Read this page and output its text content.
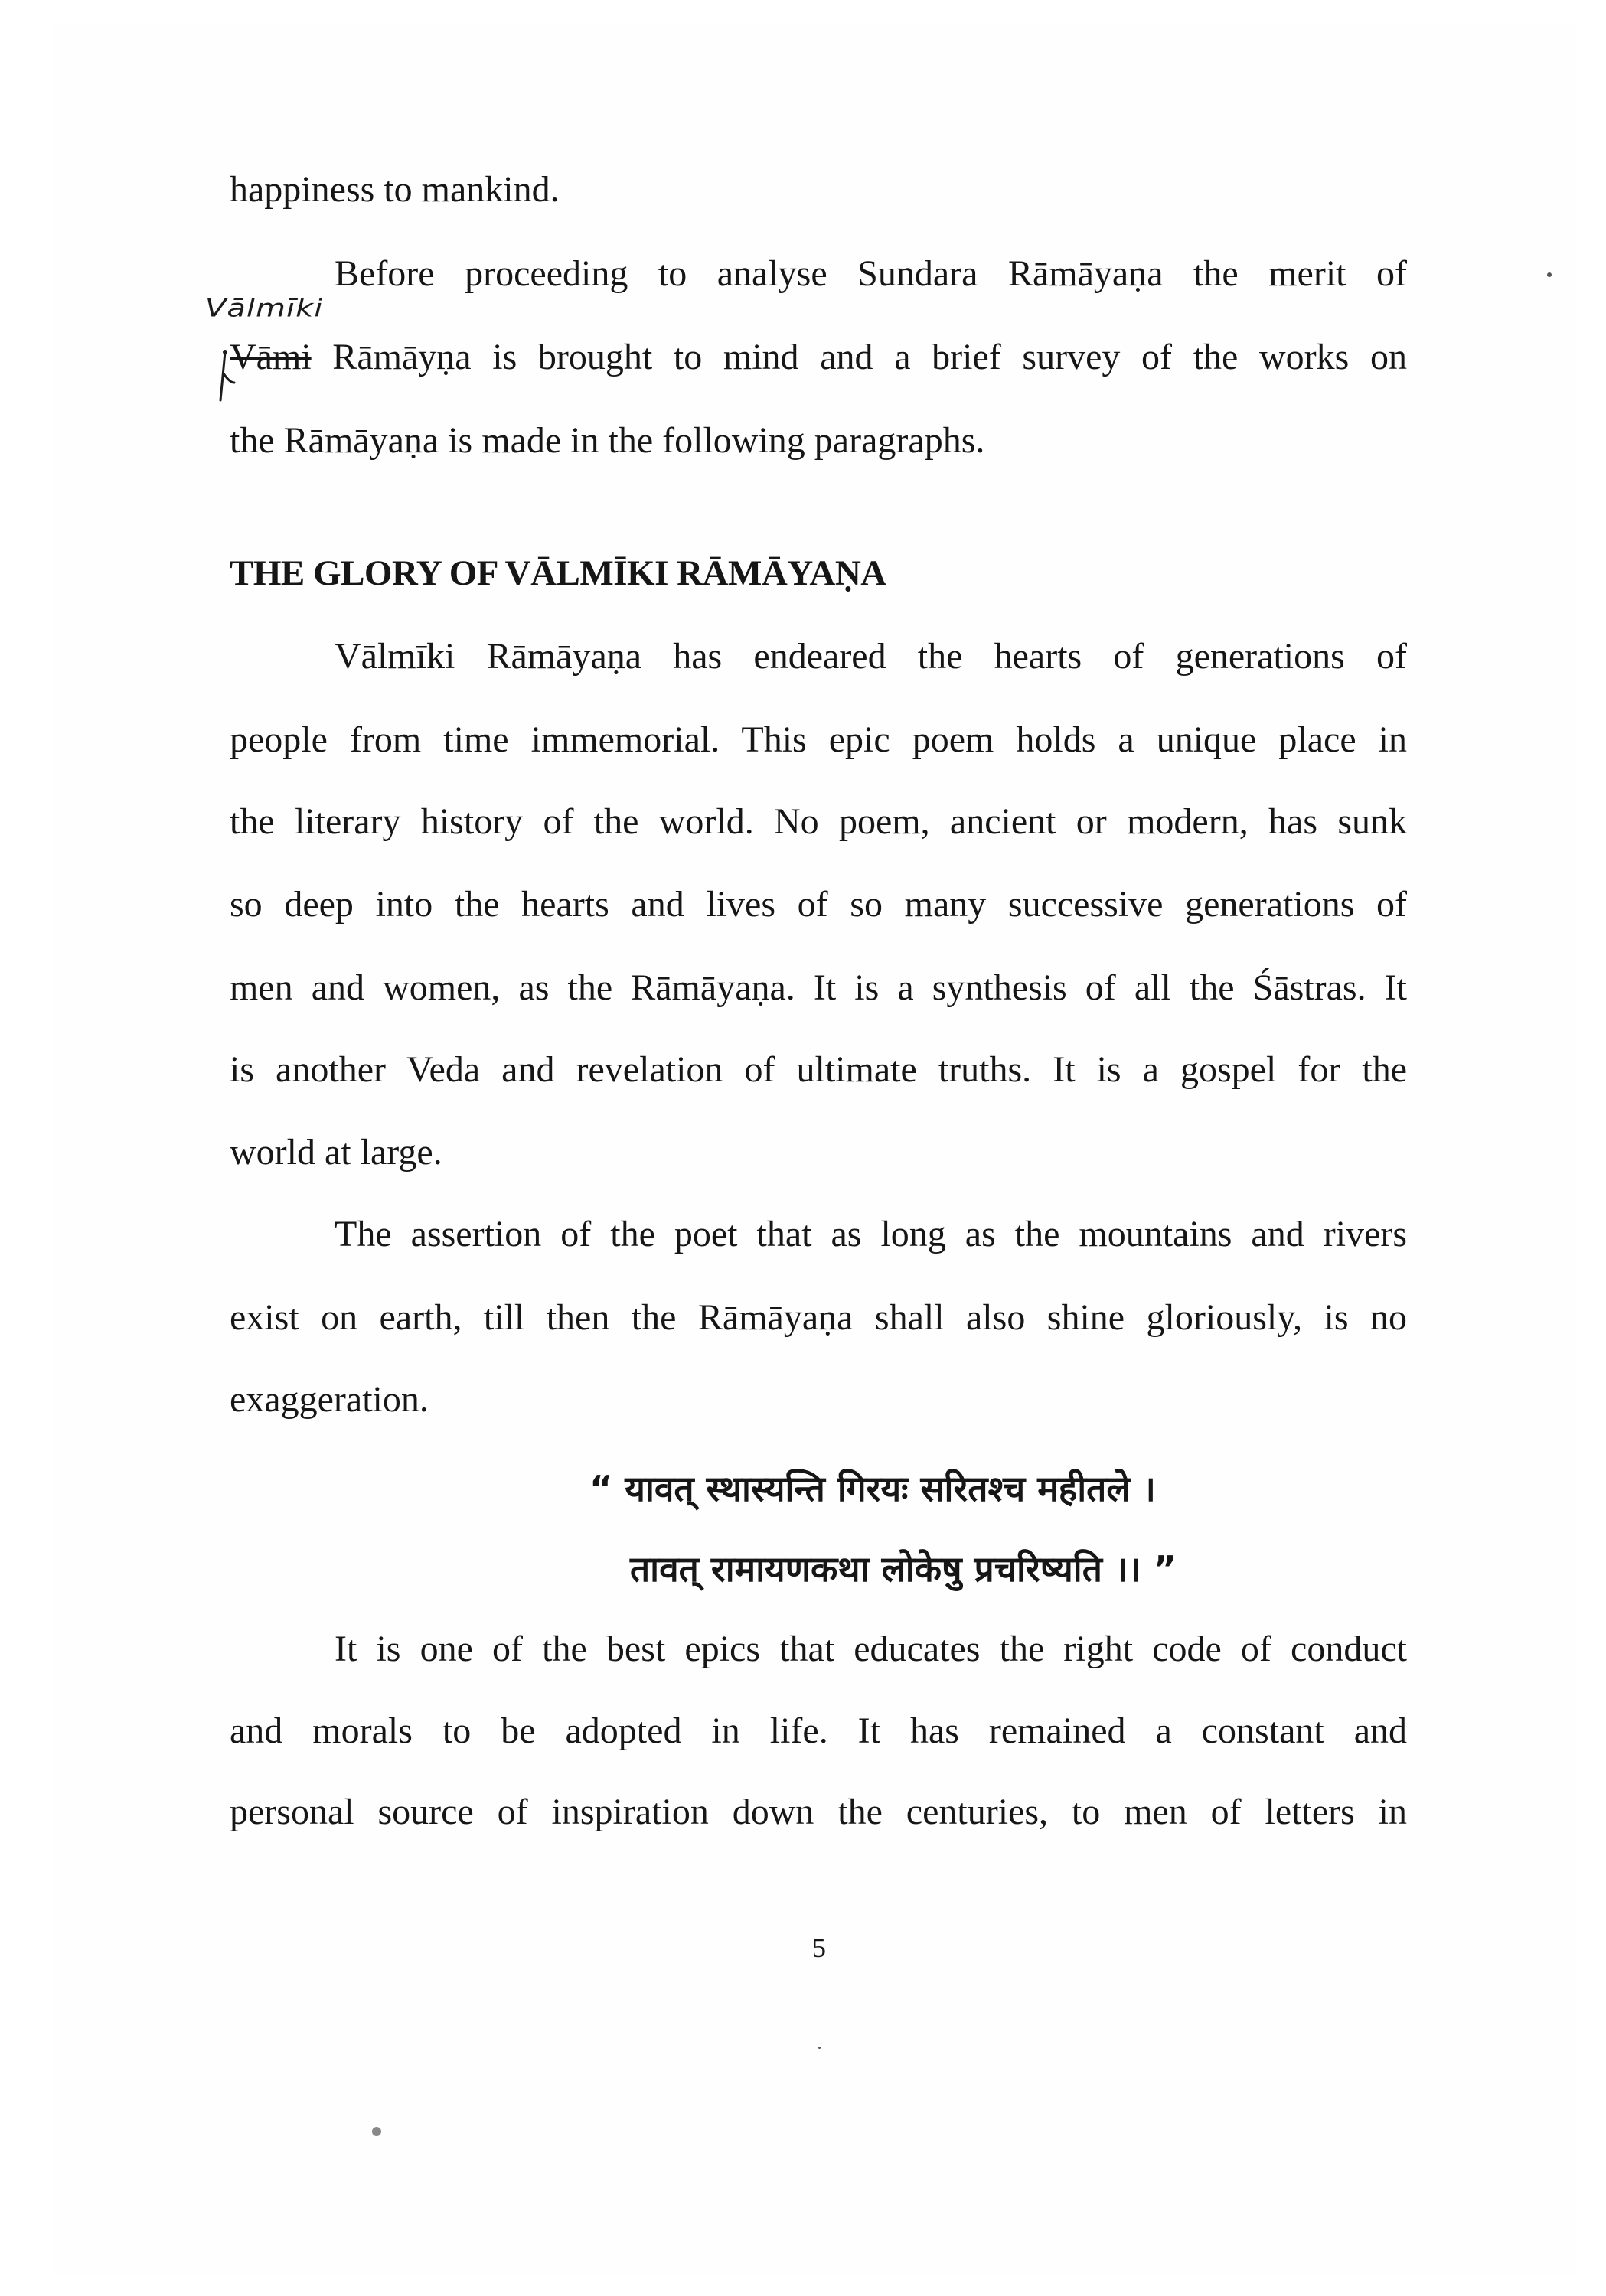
happiness to mankind.
Before proceeding to analyse Sundara Rāmāyaṇa the merit of
Vālmīki
Vāmi Rāmāyṇa is brought to mind and a brief survey of the works on
the Rāmāyaṇa is made in the following paragraphs.
THE GLORY OF VĀLMĪKI RĀMĀYAṆA
Vālmīki Rāmāyaṇa has endeared the hearts of generations of
people from time immemorial. This epic poem holds a unique place in
the literary history of the world. No poem, ancient or modern, has sunk
so deep into the hearts and lives of so many successive generations of
men and women, as the Rāmāyaṇa. It is a synthesis of all the Śāstras. It
is another Veda and revelation of ultimate truths. It is a gospel for the
world at large.
The assertion of the poet that as long as the mountains and rivers
exist on earth, till then the Rāmāyaṇa shall also shine gloriously, is no
exaggeration.
“ यावत् स्थास्यन्ति गिरयः सरितश्च महीतले ।
तावत् रामायणकथा लोकेषु प्रचरिष्यति ।। ”
It is one of the best epics that educates the right code of conduct
and morals to be adopted in life. It has remained a constant and
personal source of inspiration down the centuries, to men of letters in
5
